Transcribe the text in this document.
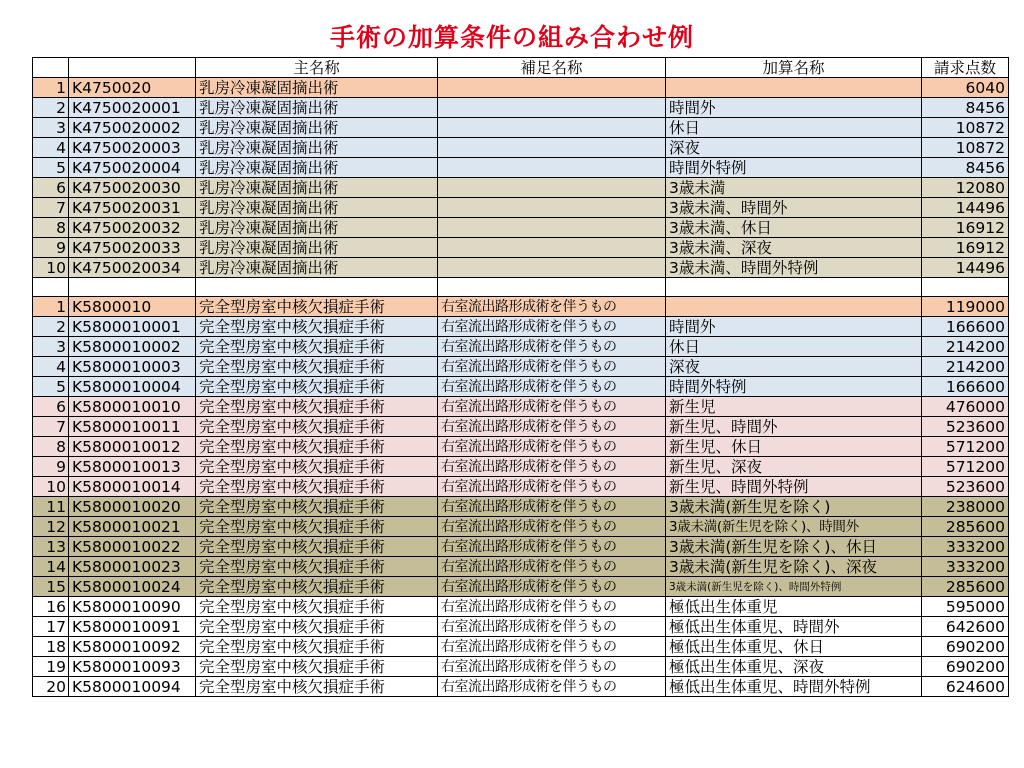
手術の加算条件の組み合わせ例
		主名称	補足名称	加算名称	請求点数
1	K4750020	乳房冷凍凝固摘出術			6040
2	K4750020001	乳房冷凍凝固摘出術		時間外	8456
3	K4750020002	乳房冷凍凝固摘出術		休日	10872
4	K4750020003	乳房冷凍凝固摘出術		深夜	10872
5	K4750020004	乳房冷凍凝固摘出術		時間外特例	8456
6	K4750020030	乳房冷凍凝固摘出術		3歳未満	12080
7	K4750020031	乳房冷凍凝固摘出術		3歳未満、時間外	14496
8	K4750020032	乳房冷凍凝固摘出術		3歳未満、休日	16912
9	K4750020033	乳房冷凍凝固摘出術		3歳未満、深夜	16912
10	K4750020034	乳房冷凍凝固摘出術		3歳未満、時間外特例	14496

1	K5800010	完全型房室中核欠損症手術	右室流出路形成術を伴うもの		119000
2	K5800010001	完全型房室中核欠損症手術	右室流出路形成術を伴うもの	時間外	166600
3	K5800010002	完全型房室中核欠損症手術	右室流出路形成術を伴うもの	休日	214200
4	K5800010003	完全型房室中核欠損症手術	右室流出路形成術を伴うもの	深夜	214200
5	K5800010004	完全型房室中核欠損症手術	右室流出路形成術を伴うもの	時間外特例	166600
6	K5800010010	完全型房室中核欠損症手術	右室流出路形成術を伴うもの	新生児	476000
7	K5800010011	完全型房室中核欠損症手術	右室流出路形成術を伴うもの	新生児、時間外	523600
8	K5800010012	完全型房室中核欠損症手術	右室流出路形成術を伴うもの	新生児、休日	571200
9	K5800010013	完全型房室中核欠損症手術	右室流出路形成術を伴うもの	新生児、深夜	571200
10	K5800010014	完全型房室中核欠損症手術	右室流出路形成術を伴うもの	新生児、時間外特例	523600
11	K5800010020	完全型房室中核欠損症手術	右室流出路形成術を伴うもの	3歳未満(新生児を除く)	238000
12	K5800010021	完全型房室中核欠損症手術	右室流出路形成術を伴うもの	3歳未満(新生児を除く)、時間外	285600
13	K5800010022	完全型房室中核欠損症手術	右室流出路形成術を伴うもの	3歳未満(新生児を除く)、休日	333200
14	K5800010023	完全型房室中核欠損症手術	右室流出路形成術を伴うもの	3歳未満(新生児を除く)、深夜	333200
15	K5800010024	完全型房室中核欠損症手術	右室流出路形成術を伴うもの	3歳未満(新生児を除く)、時間外特例	285600
16	K5800010090	完全型房室中核欠損症手術	右室流出路形成術を伴うもの	極低出生体重児	595000
17	K5800010091	完全型房室中核欠損症手術	右室流出路形成術を伴うもの	極低出生体重児、時間外	642600
18	K5800010092	完全型房室中核欠損症手術	右室流出路形成術を伴うもの	極低出生体重児、休日	690200
19	K5800010093	完全型房室中核欠損症手術	右室流出路形成術を伴うもの	極低出生体重児、深夜	690200
20	K5800010094	完全型房室中核欠損症手術	右室流出路形成術を伴うもの	極低出生体重児、時間外特例	624600
